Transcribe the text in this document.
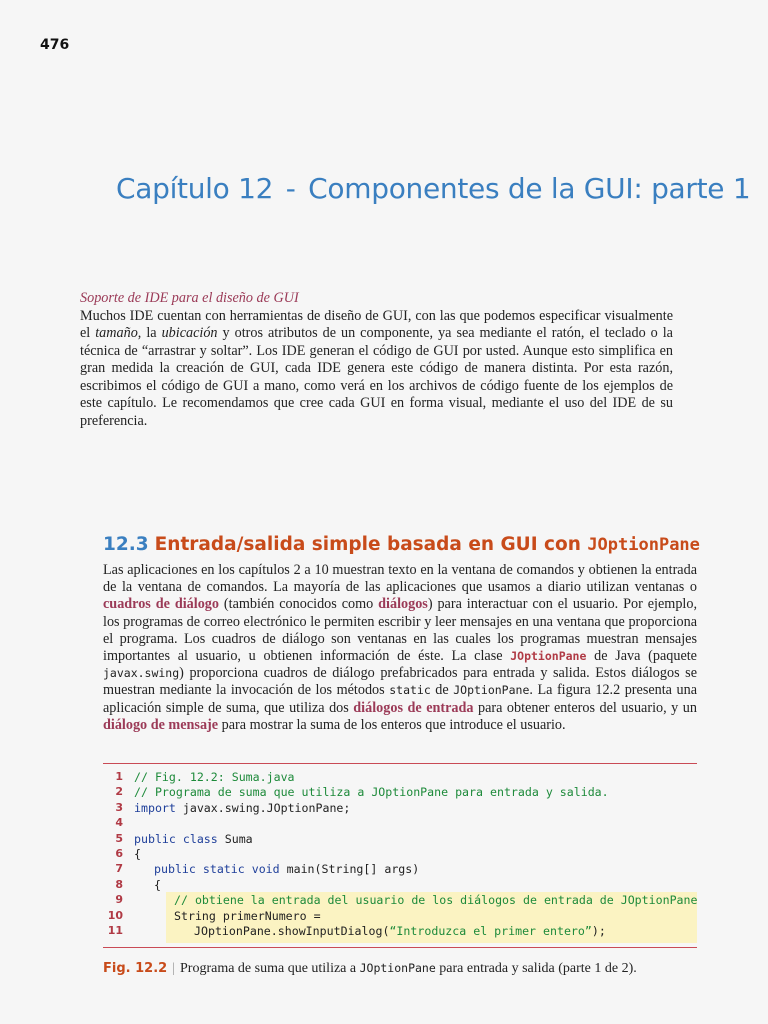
476
Capítulo 12 - Componentes de la GUI: parte 1
Soporte de IDE para el diseño de GUI

Muchos IDE cuentan con herramientas de diseño de GUI, con las que podemos especificar visualmente el tamaño, la ubicación y otros atributos de un componente, ya sea mediante el ratón, el teclado o la técnica de “arrastrar y soltar”. Los IDE generan el código de GUI por usted. Aunque esto simplifica en gran medida la creación de GUI, cada IDE genera este código de manera distinta. Por esta razón, escribimos el código de GUI a mano, como verá en los archivos de código fuente de los ejemplos de este capítulo. Le recomendamos que cree cada GUI en forma visual, mediante el uso del IDE de su preferencia.

12.3 Entrada/salida simple basada en GUI con JOptionPane

Las aplicaciones en los capítulos 2 a 10 muestran texto en la ventana de comandos y obtienen la entrada de la ventana de comandos. La mayoría de las aplicaciones que usamos a diario utilizan ventanas o cuadros de diálogo (también conocidos como diálogos) para interactuar con el usuario. Por ejemplo, los programas de correo electrónico le permiten escribir y leer mensajes en una ventana que proporciona el programa. Los cuadros de diálogo son ventanas en las cuales los programas muestran mensajes importantes al usuario, u obtienen información de éste. La clase JOptionPane de Java (paquete javax.swing) proporciona cuadros de diálogo prefabricados para entrada y salida. Estos diálogos se muestran mediante la invocación de los métodos static de JOptionPane. La figura 12.2 presenta una aplicación simple de suma, que utiliza dos diálogos de entrada para obtener enteros del usuario, y un diálogo de mensaje para mostrar la suma de los enteros que introduce el usuario.

1 // Fig. 12.2: Suma.java
2 // Programa de suma que utiliza a JOptionPane para entrada y salida.
3 import javax.swing.JOptionPane;
4
5 public class Suma
6 {
7	public static void main(String[] args)
8	{
9	// obtiene la entrada del usuario de los diálogos de entrada de JOptionPane
10	String primerNumero =
11	JOptionPane.showInputDialog(“Introduzca el primer entero”);
Fig. 12.2 | Programa de suma que utiliza a JOptionPane para entrada y salida (parte 1 de 2).
